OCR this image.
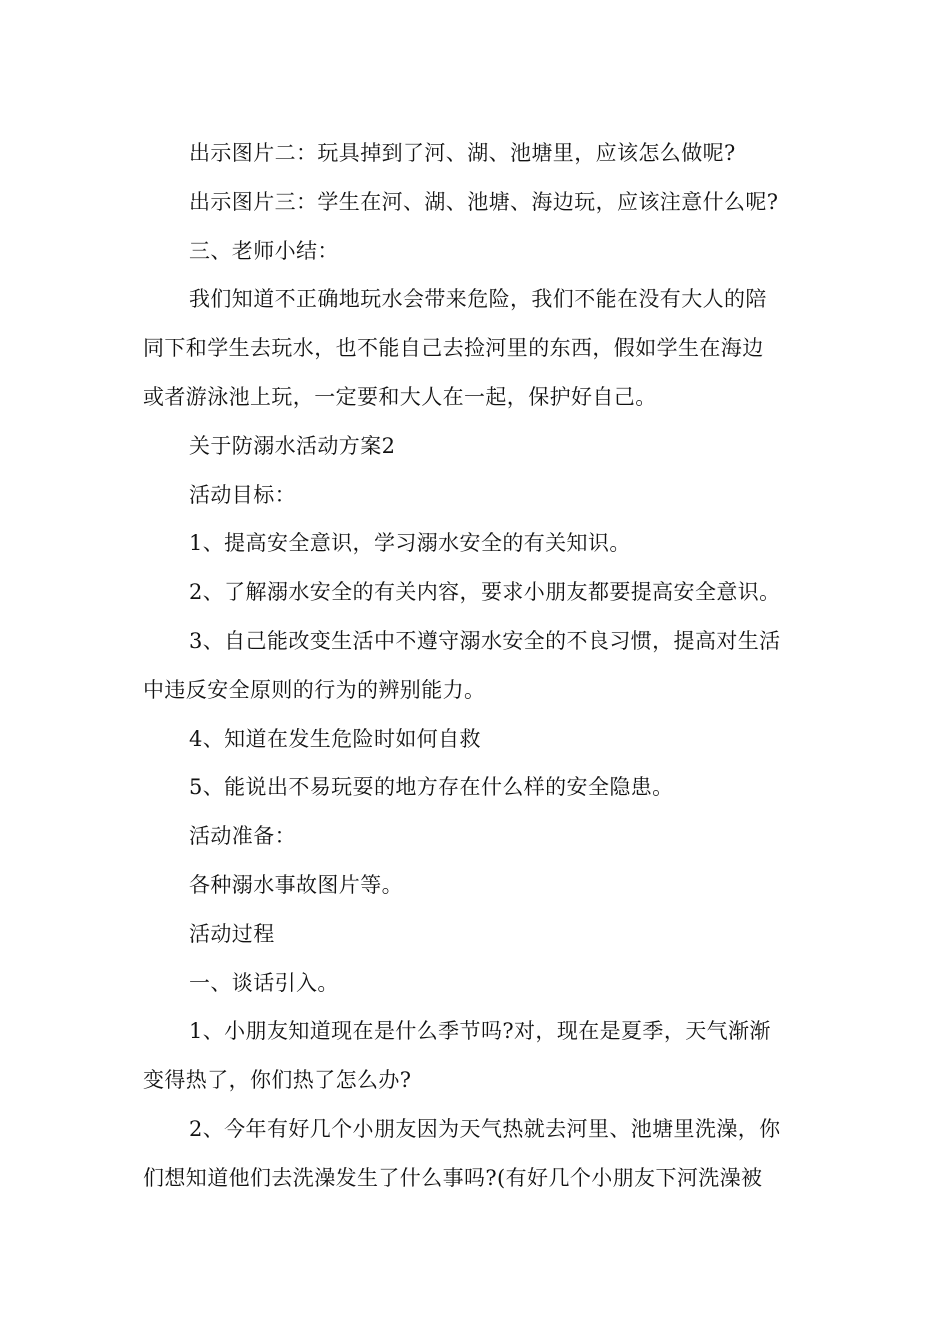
出示图片二：玩具掉到了河、湖、池塘里，应该怎么做呢?
出示图片三：学生在河、湖、池塘、海边玩，应该注意什么呢?
三、老师小结：
我们知道不正确地玩水会带来危险，我们不能在没有大人的陪
同下和学生去玩水，也不能自己去捡河里的东西，假如学生在海边
或者游泳池上玩，一定要和大人在一起，保护好自己。
关于防溺水活动方案2
活动目标：
1、提高安全意识，学习溺水安全的有关知识。
2、了解溺水安全的有关内容，要求小朋友都要提高安全意识。
3、自己能改变生活中不遵守溺水安全的不良习惯，提高对生活
中违反安全原则的行为的辨别能力。
4、知道在发生危险时如何自救
5、能说出不易玩耍的地方存在什么样的安全隐患。
活动准备：
各种溺水事故图片等。
活动过程
一、谈话引入。
1、小朋友知道现在是什么季节吗?对，现在是夏季，天气渐渐
变得热了，你们热了怎么办?
2、今年有好几个小朋友因为天气热就去河里、池塘里洗澡，你
们想知道他们去洗澡发生了什么事吗?(有好几个小朋友下河洗澡被
